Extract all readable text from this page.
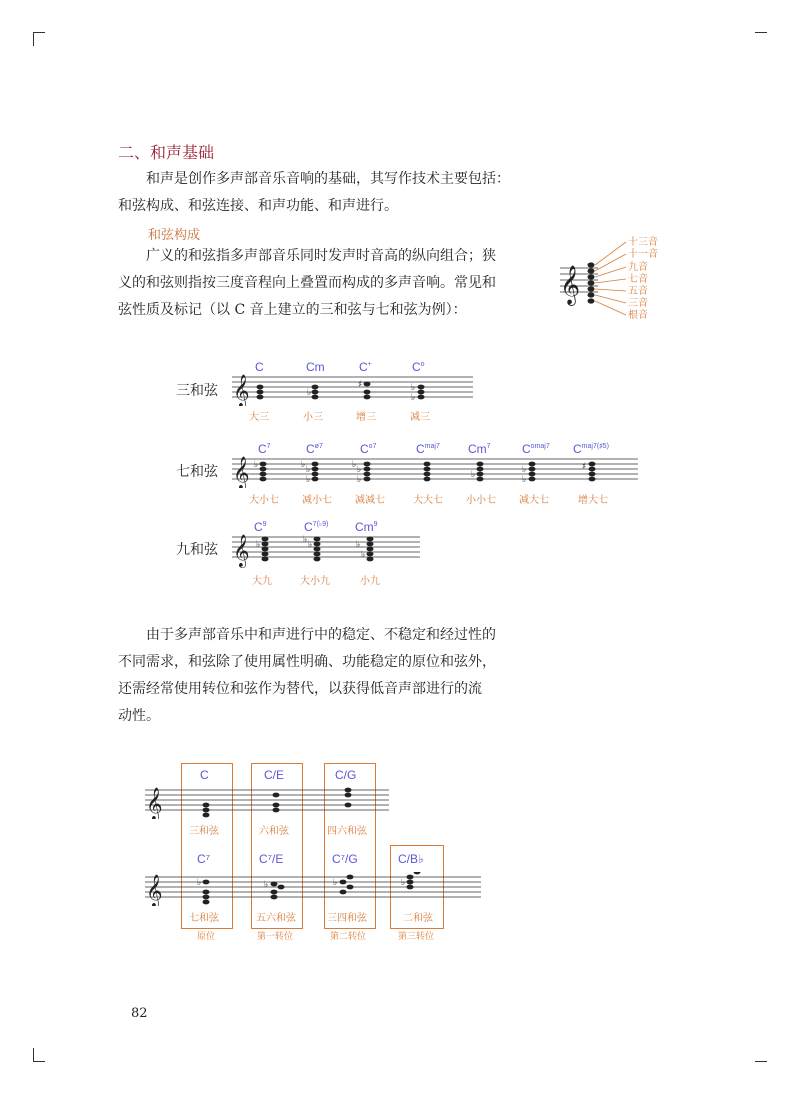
二、和声基础
和声是创作多声部音乐音响的基础，其写作技术主要包括：
和弦构成、和弦连接、和声功能、和声进行。
和弦构成
广义的和弦指多声部音乐同时发声时音高的纵向组合；狭
义的和弦则指按三度音程向上叠置而构成的多声音响。常见和
弦性质及标记（以 C 音上建立的三和弦与七和弦为例）：
𝄞
十三音
十一音
九音
七音
五音
三音
根音
三和弦 𝄞	♭
♯	♭
♭
C	Cm	C+	$C^o$
大三	小三	增三	减三
七和弦 𝄞 ♭	♭ ♭
♭
♭ ♭
♭	♭	♭
♭
♯
$C^7$	$C^{ø7}$	$C^{o7}$	$C^{maj7}$ Cm$^7$	$C^{omaj7}$ $C^{maj7(♯5)}$
大小七 减小七 减减七	大大七 小小七 减大七	增大七
九和弦 𝄞 ♭	♭ ♭	♭
♭
$C^9$	$C^{7(♭9)}$ Cm$^9$
大九	大小九	小九
由于多声部音乐中和声进行中的稳定、不稳定和经过性的
不同需求，和弦除了使用属性明确、功能稳定的原位和弦外，
还需经常使用转位和弦作为替代，以获得低音声部进行的流
动性。
𝄞
C	C/E	C/G
三和弦	六和弦	四六和弦
𝄞	♭	♭	♭	♭
C⁷	C⁷/E	C⁷/G	C/B♭
七和弦	五六和弦	三四和弦	二和弦
原位	第一转位	第二转位	第三转位
82
